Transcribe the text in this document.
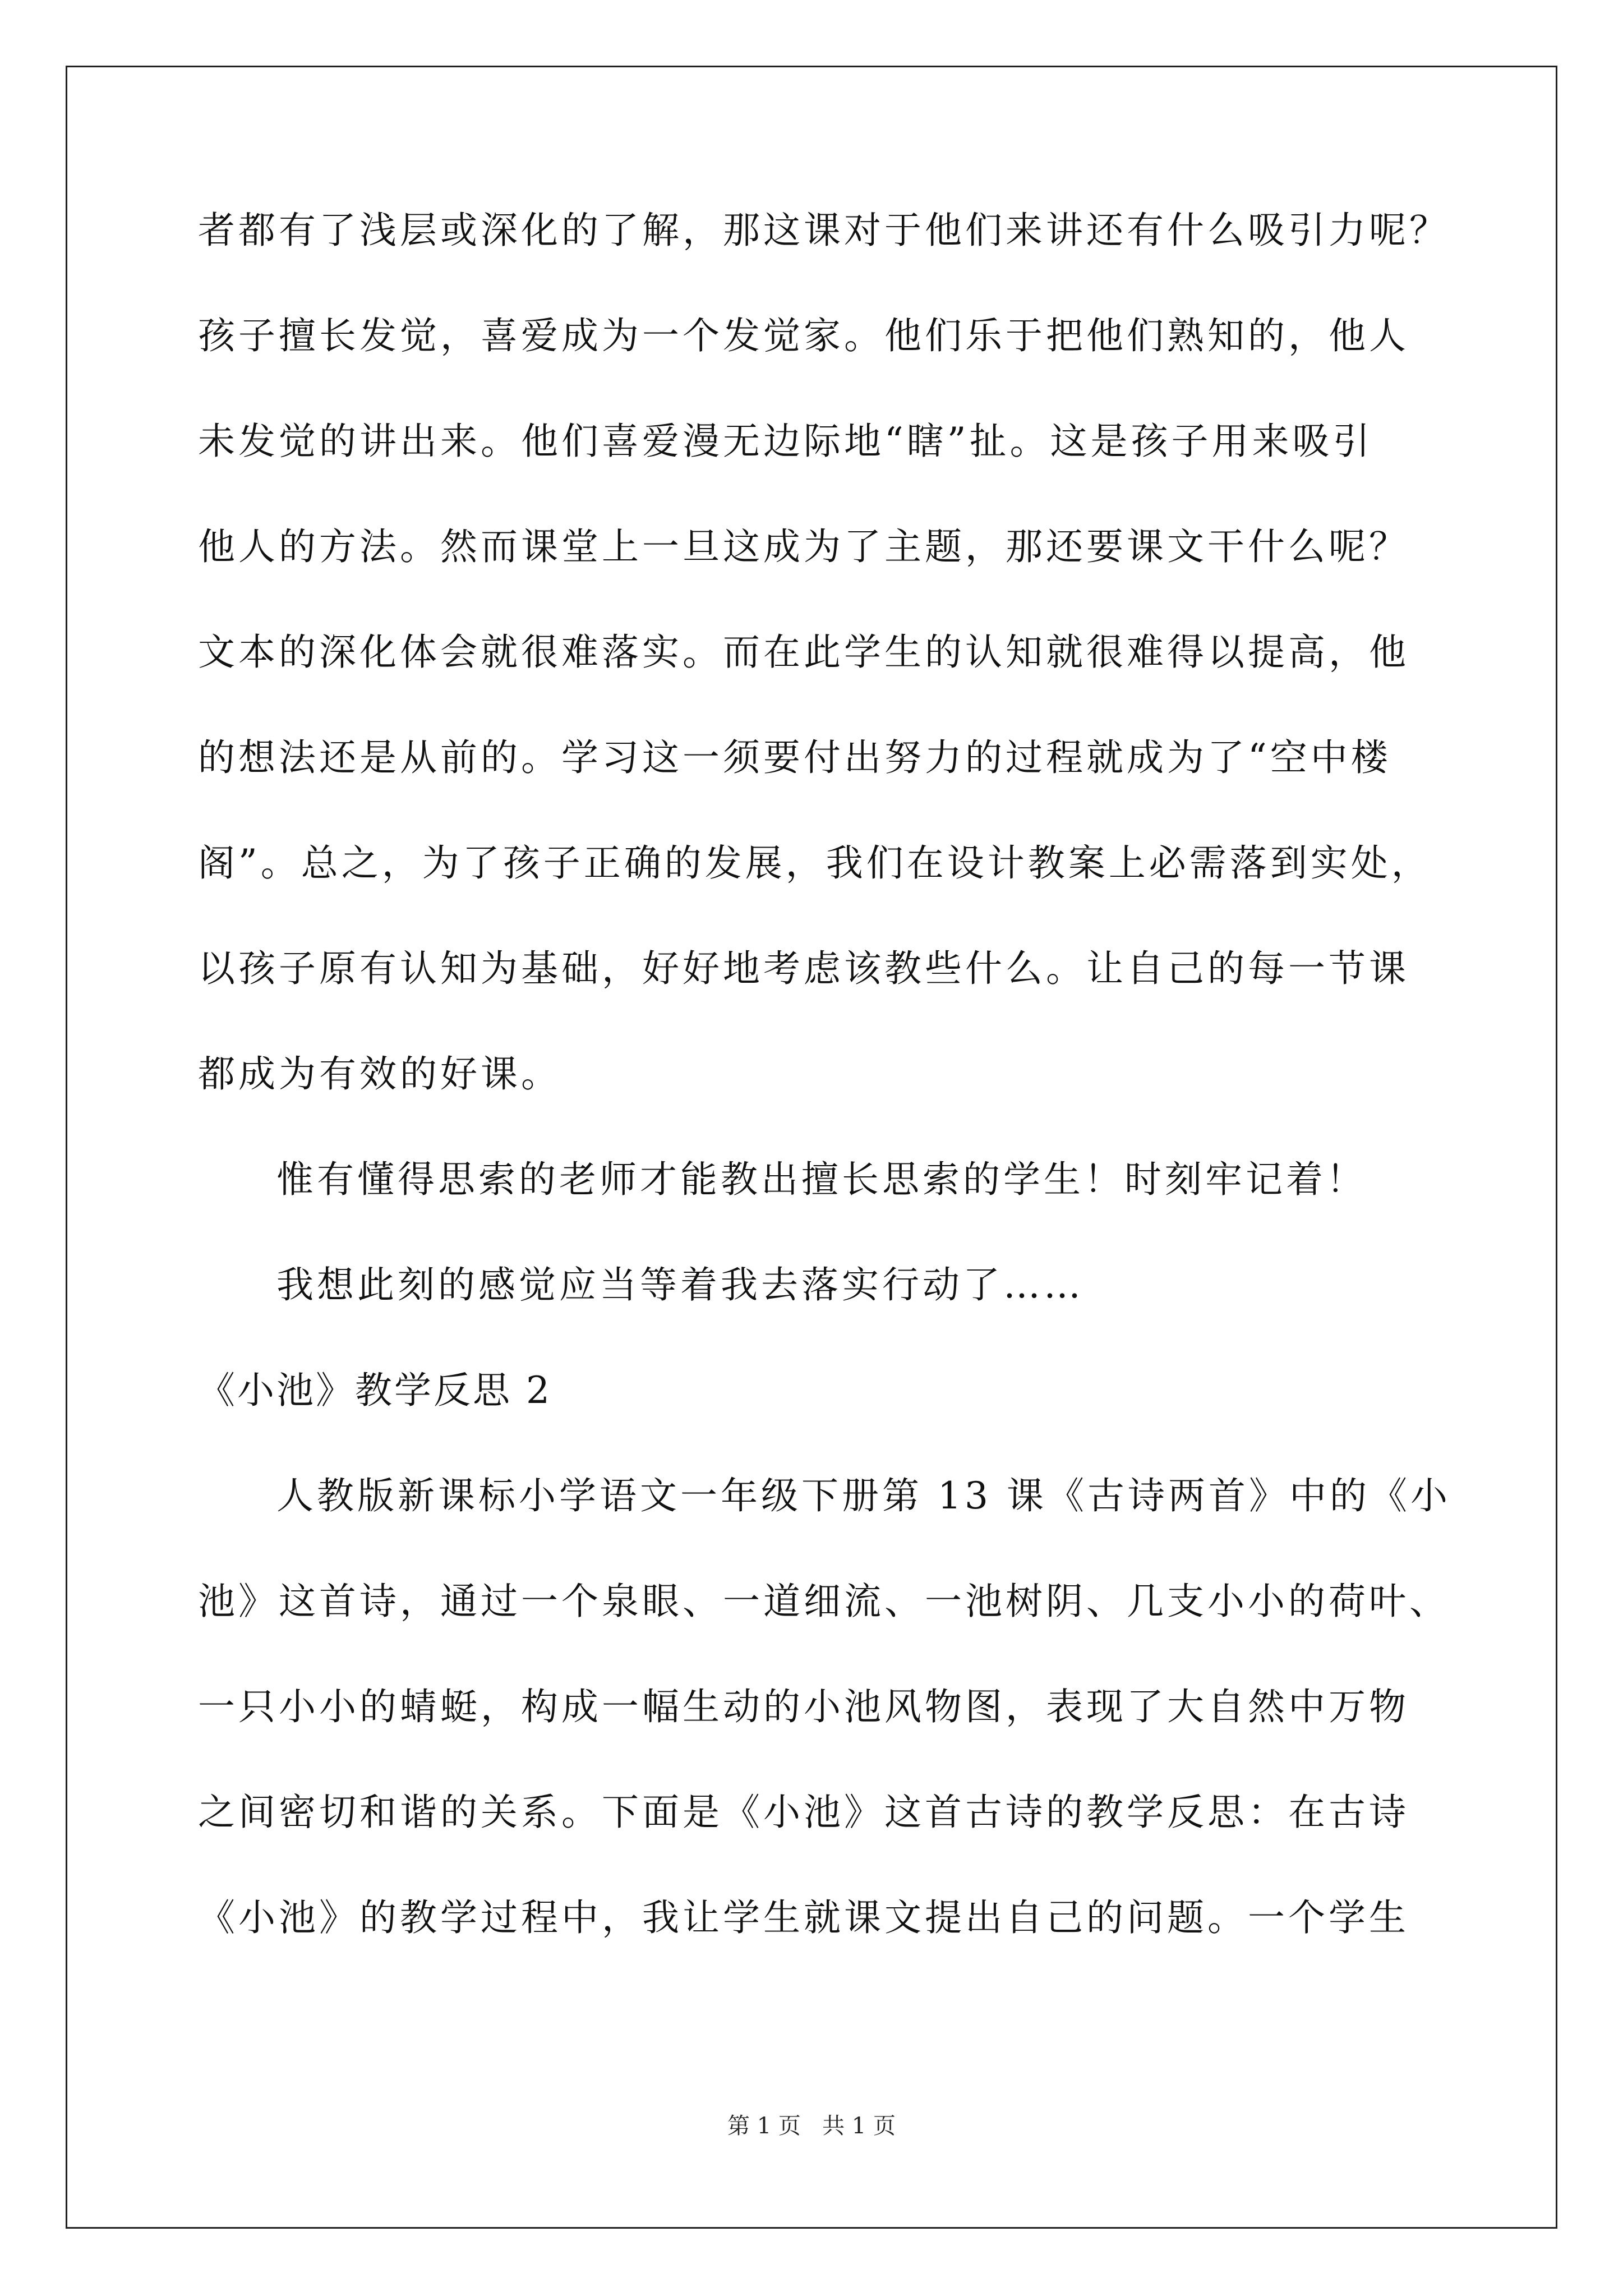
者都有了浅层或深化的了解，那这课对于他们来讲还有什么吸引力呢？
孩子擅长发觉，喜爱成为一个发觉家。他们乐于把他们熟知的，他人
未发觉的讲出来。他们喜爱漫无边际地“瞎”扯。这是孩子用来吸引
他人的方法。然而课堂上一旦这成为了主题，那还要课文干什么呢？
文本的深化体会就很难落实。而在此学生的认知就很难得以提高，他
的想法还是从前的。学习这一须要付出努力的过程就成为了“空中楼
阁”。总之，为了孩子正确的发展，我们在设计教案上必需落到实处，
以孩子原有认知为基础，好好地考虑该教些什么。让自己的每一节课
都成为有效的好课。
惟有懂得思索的老师才能教出擅长思索的学生！时刻牢记着！
我想此刻的感觉应当等着我去落实行动了……
《小池》教学反思 2
人教版新课标小学语文一年级下册第 13 课《古诗两首》中的《小
池》这首诗，通过一个泉眼、一道细流、一池树阴、几支小小的荷叶、
一只小小的蜻蜓，构成一幅生动的小池风物图，表现了大自然中万物
之间密切和谐的关系。下面是《小池》这首古诗的教学反思：在古诗
《小池》的教学过程中，我让学生就课文提出自己的问题。一个学生
第 1 页   共 1 页
